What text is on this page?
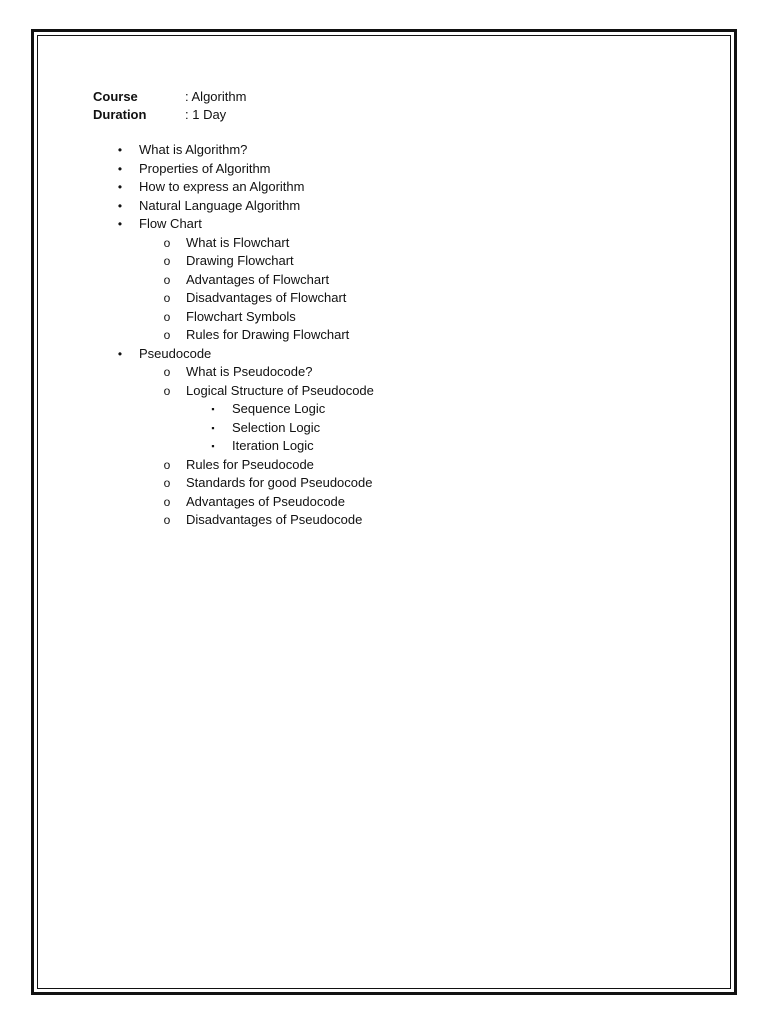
Course	: Algorithm
Duration	: 1 Day
•	What is Algorithm?
•	Properties of Algorithm
•	How to express an Algorithm
•	Natural Language Algorithm
•	Flow Chart
o What is Flowchart
o Drawing Flowchart
o Advantages of Flowchart
o Disadvantages of Flowchart
o Flowchart Symbols
o Rules for Drawing Flowchart
•	Pseudocode
o What is Pseudocode?
o Logical Structure of Pseudocode
▪	Sequence Logic
▪	Selection Logic
▪	Iteration Logic
o Rules for Pseudocode
o Standards for good Pseudocode
o Advantages of Pseudocode
o Disadvantages of Pseudocode
